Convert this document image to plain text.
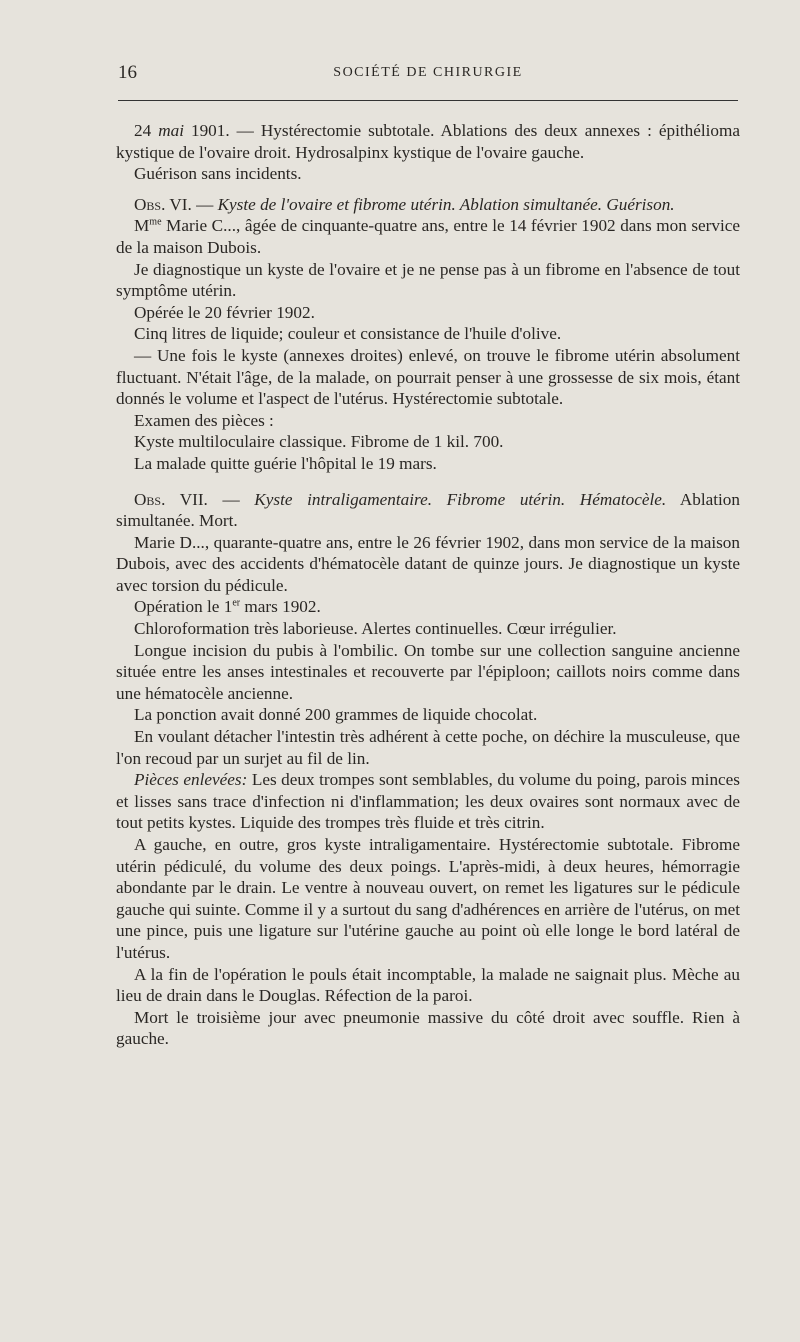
16	SOCIÉTÉ DE CHIRURGIE

24 mai 1901. — Hystérectomie subtotale. Ablations des deux annexes : épithélioma kystique de l'ovaire droit. Hydrosalpinx kystique de l'ovaire gauche.

Guérison sans incidents.

Obs. VI. — Kyste de l'ovaire et fibrome utérin. Ablation simultanée. Guérison.

$M^{me}$ Marie C..., âgée de cinquante-quatre ans, entre le 14 février 1902 dans mon service de la maison Dubois.

Je diagnostique un kyste de l'ovaire et je ne pense pas à un fibrome en l'absence de tout symptôme utérin.

Opérée le 20 février 1902.

Cinq litres de liquide; couleur et consistance de l'huile d'olive.

— Une fois le kyste (annexes droites) enlevé, on trouve le fibrome utérin absolument fluctuant. N'était l'âge, de la malade, on pourrait penser à une grossesse de six mois, étant donnés le volume et l'aspect de l'utérus. Hystérectomie subtotale.

Examen des pièces :

Kyste multiloculaire classique. Fibrome de 1 kil. 700.

La malade quitte guérie l'hôpital le 19 mars.

Obs. VII. — Kyste intraligamentaire. Fibrome utérin. Hématocèle. Ablation simultanée. Mort.

Marie D..., quarante-quatre ans, entre le 26 février 1902, dans mon service de la maison Dubois, avec des accidents d'hématocèle datant de quinze jours. Je diagnostique un kyste avec torsion du pédicule.

Opération le 1er mars 1902.

Chloroformation très laborieuse. Alertes continuelles. Cœur irrégulier.

Longue incision du pubis à l'ombilic. On tombe sur une collection sanguine ancienne située entre les anses intestinales et recouverte par l'épiploon; caillots noirs comme dans une hématocèle ancienne.

La ponction avait donné 200 grammes de liquide chocolat.

En voulant détacher l'intestin très adhérent à cette poche, on déchire la musculeuse, que l'on recoud par un surjet au fil de lin.

Pièces enlevées: Les deux trompes sont semblables, du volume du poing, parois minces et lisses sans trace d'infection ni d'inflammation; les deux ovaires sont normaux avec de tout petits kystes. Liquide des trompes très fluide et très citrin.

A gauche, en outre, gros kyste intraligamentaire. Hystérectomie subtotale. Fibrome utérin pédiculé, du volume des deux poings. L'après-midi, à deux heures, hémorragie abondante par le drain. Le ventre à nouveau ouvert, on remet les ligatures sur le pédicule gauche qui suinte. Comme il y a surtout du sang d'adhérences en arrière de l'utérus, on met une pince, puis une ligature sur l'utérine gauche au point où elle longe le bord latéral de l'utérus.

A la fin de l'opération le pouls était incomptable, la malade ne saignait plus. Mèche au lieu de drain dans le Douglas. Réfection de la paroi.

Mort le troisième jour avec pneumonie massive du côté droit avec souffle. Rien à gauche.
